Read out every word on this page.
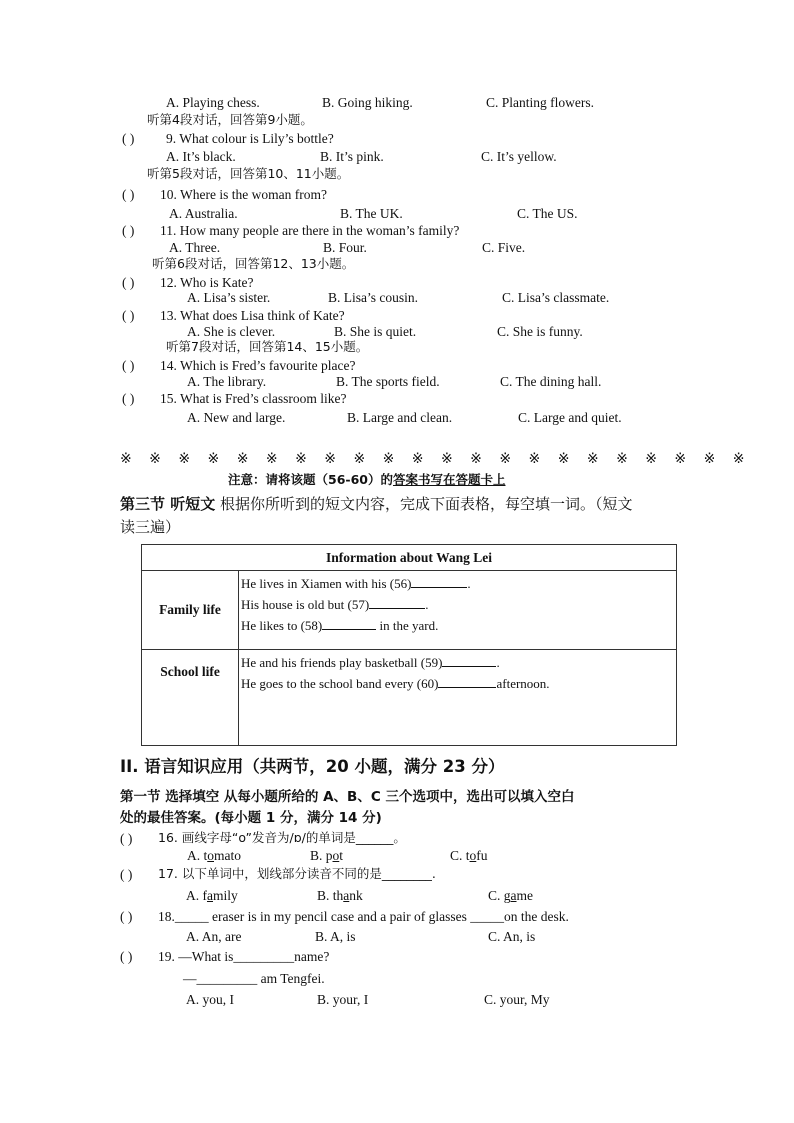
A. Playing chess.	B. Going hiking.	C. Planting flowers.
听第4段对话，回答第9小题。
( ) 9. What colour is Lily’s bottle?
A. It’s black.	B. It’s pink.	C. It’s yellow.
听第5段对话，回答第10、11小题。
( ) 10. Where is the woman from?
A. Australia.	B. The UK.	C. The US.
( ) 11. How many people are there in the woman’s family?
A. Three.	B. Four.	C. Five.
听第6段对话，回答第12、13小题。
( ) 12. Who is Kate?
A. Lisa’s sister.	B. Lisa’s cousin.	C. Lisa’s classmate.
( ) 13. What does Lisa think of Kate?
A. She is clever.	B. She is quiet.	C. She is funny.
听第7段对话，回答第14、15小题。
( ) 14. Which is Fred’s favourite place?
A. The library.	B. The sports field.	C. The dining hall.
( ) 15. What is Fred’s classroom like?
A. New and large.	B. Large and clean.	C. Large and quiet.
※ ※ ※ ※ ※ ※ ※ ※ ※ ※ ※ ※ ※ ※ ※ ※ ※ ※ ※ ※ ※ ※
注意：请将该题（56-60）的答案书写在答题卡上
第三节 听短文 根据你所听到的短文内容，完成下面表格，每空填一词。（短文
读三遍）
Information about Wang Lei	
Family life	He lives in Xiamen with his (56) .
His house is old but (57) .
He likes to (58) in the yard.

School life	He and his friends play basketball (59) .
He goes to the school band every (60) afternoon.
II. 语言知识应用（共两节，20 小题，满分 23 分）
第一节 选择填空 从每小题所给的 A、B、C 三个选项中，选出可以填入空白
处的最佳答案。(每小题 1 分，满分 14 分)
( ) 16. 画线字母“o”发音为/ɒ/的单词是______。
A. tomato	B. pot	C. tofu
( ) 17. 以下单词中，划线部分读音不同的是________.
A. family	B. thank	C. game
( ) 18._____ eraser is in my pencil case and a pair of glasses _____on the desk.
A. An, are	B. A, is	C. An, is
( ) 19. —What is_________name?
—_________ am Tengfei.
A. you, I	B. your, I	C. your, My
